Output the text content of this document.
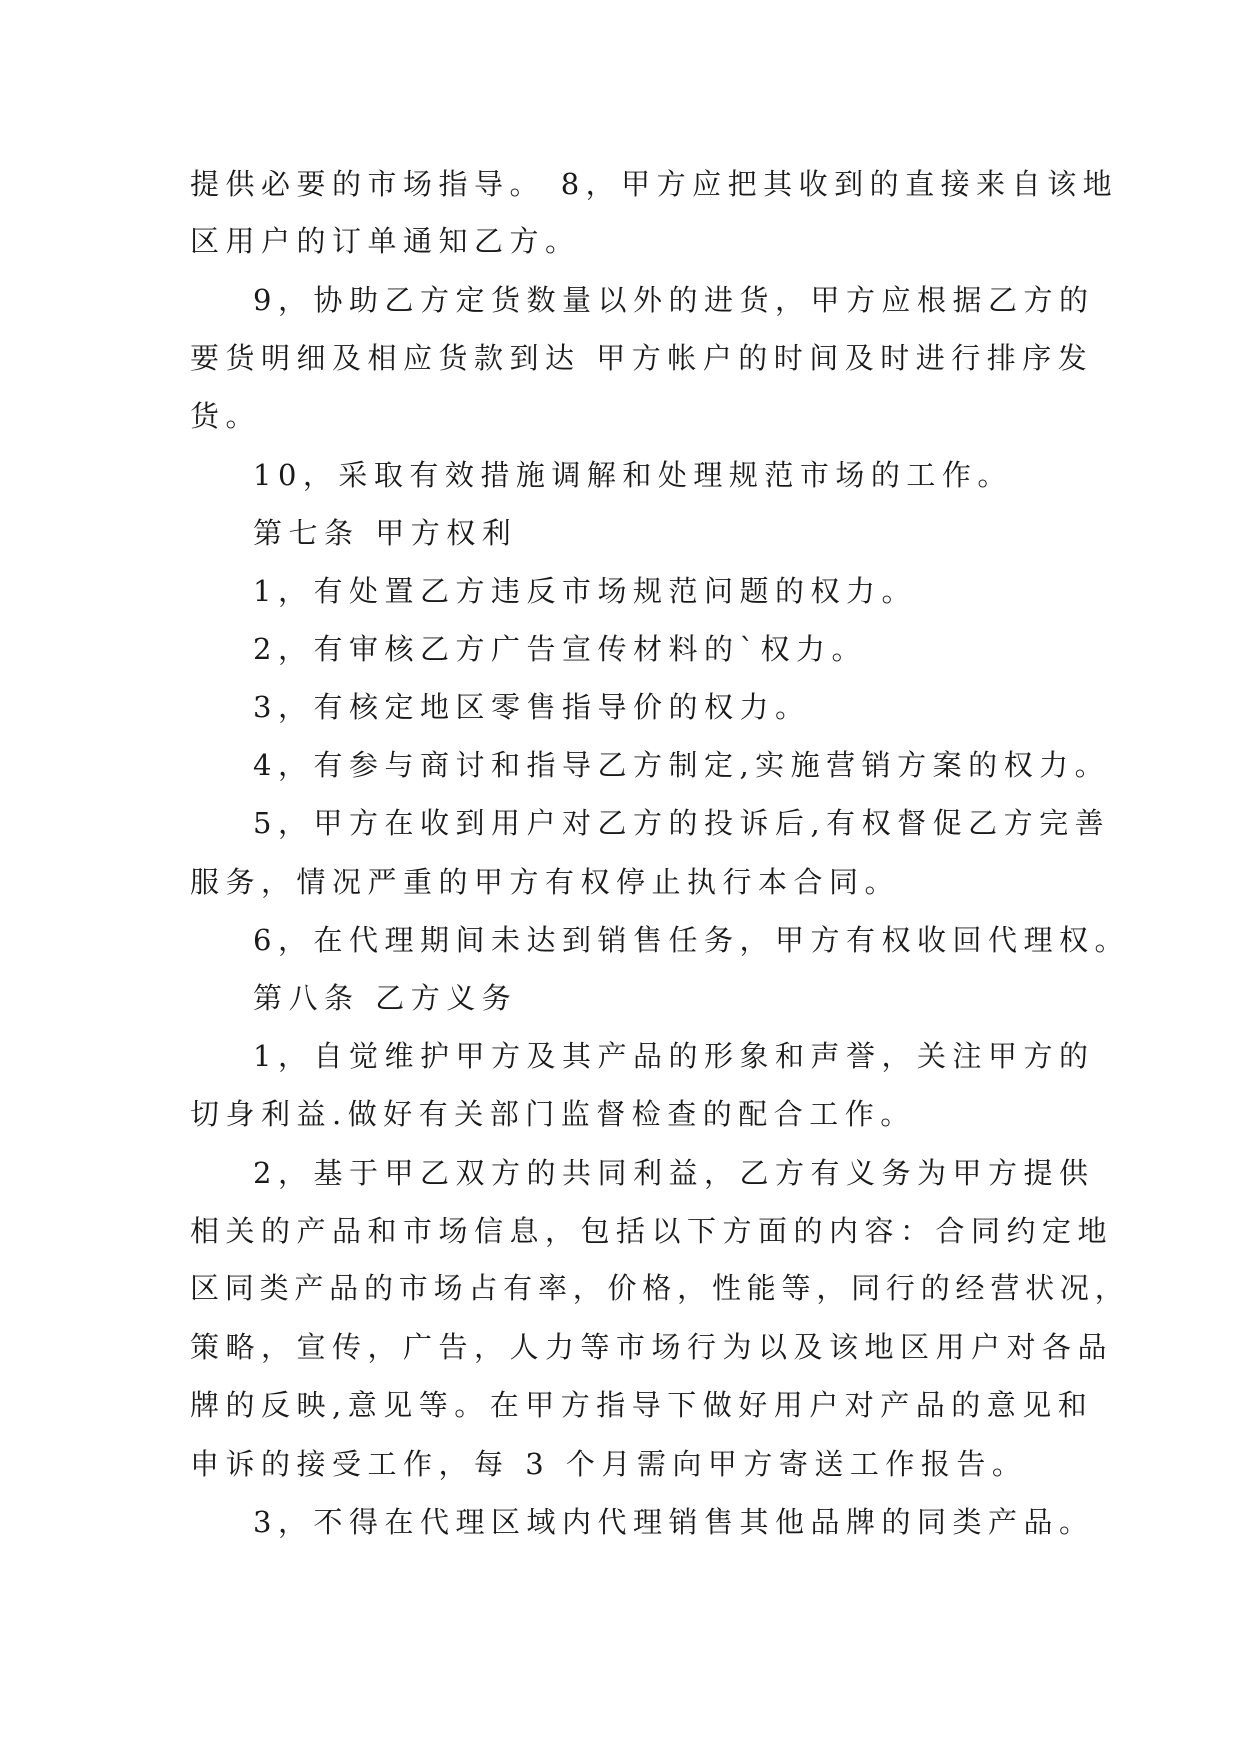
提供必要的市场指导。 8，甲方应把其收到的直接来自该地
区用户的订单通知乙方。
9，协助乙方定货数量以外的进货，甲方应根据乙方的
要货明细及相应货款到达 甲方帐户的时间及时进行排序发
货。
10，采取有效措施调解和处理规范市场的工作。
第七条 甲方权利
1，有处置乙方违反市场规范问题的权力。
2，有审核乙方广告宣传材料的`权力。
3，有核定地区零售指导价的权力。
4，有参与商讨和指导乙方制定,实施营销方案的权力。
5，甲方在收到用户对乙方的投诉后,有权督促乙方完善
服务，情况严重的甲方有权停止执行本合同。
6，在代理期间未达到销售任务，甲方有权收回代理权。
第八条 乙方义务
1，自觉维护甲方及其产品的形象和声誉，关注甲方的
切身利益.做好有关部门监督检查的配合工作。
2，基于甲乙双方的共同利益，乙方有义务为甲方提供
相关的产品和市场信息，包括以下方面的内容：合同约定地
区同类产品的市场占有率，价格，性能等，同行的经营状况，
策略，宣传，广告，人力等市场行为以及该地区用户对各品
牌的反映,意见等。在甲方指导下做好用户对产品的意见和
申诉的接受工作，每 3 个月需向甲方寄送工作报告。
3，不得在代理区域内代理销售其他品牌的同类产品。
